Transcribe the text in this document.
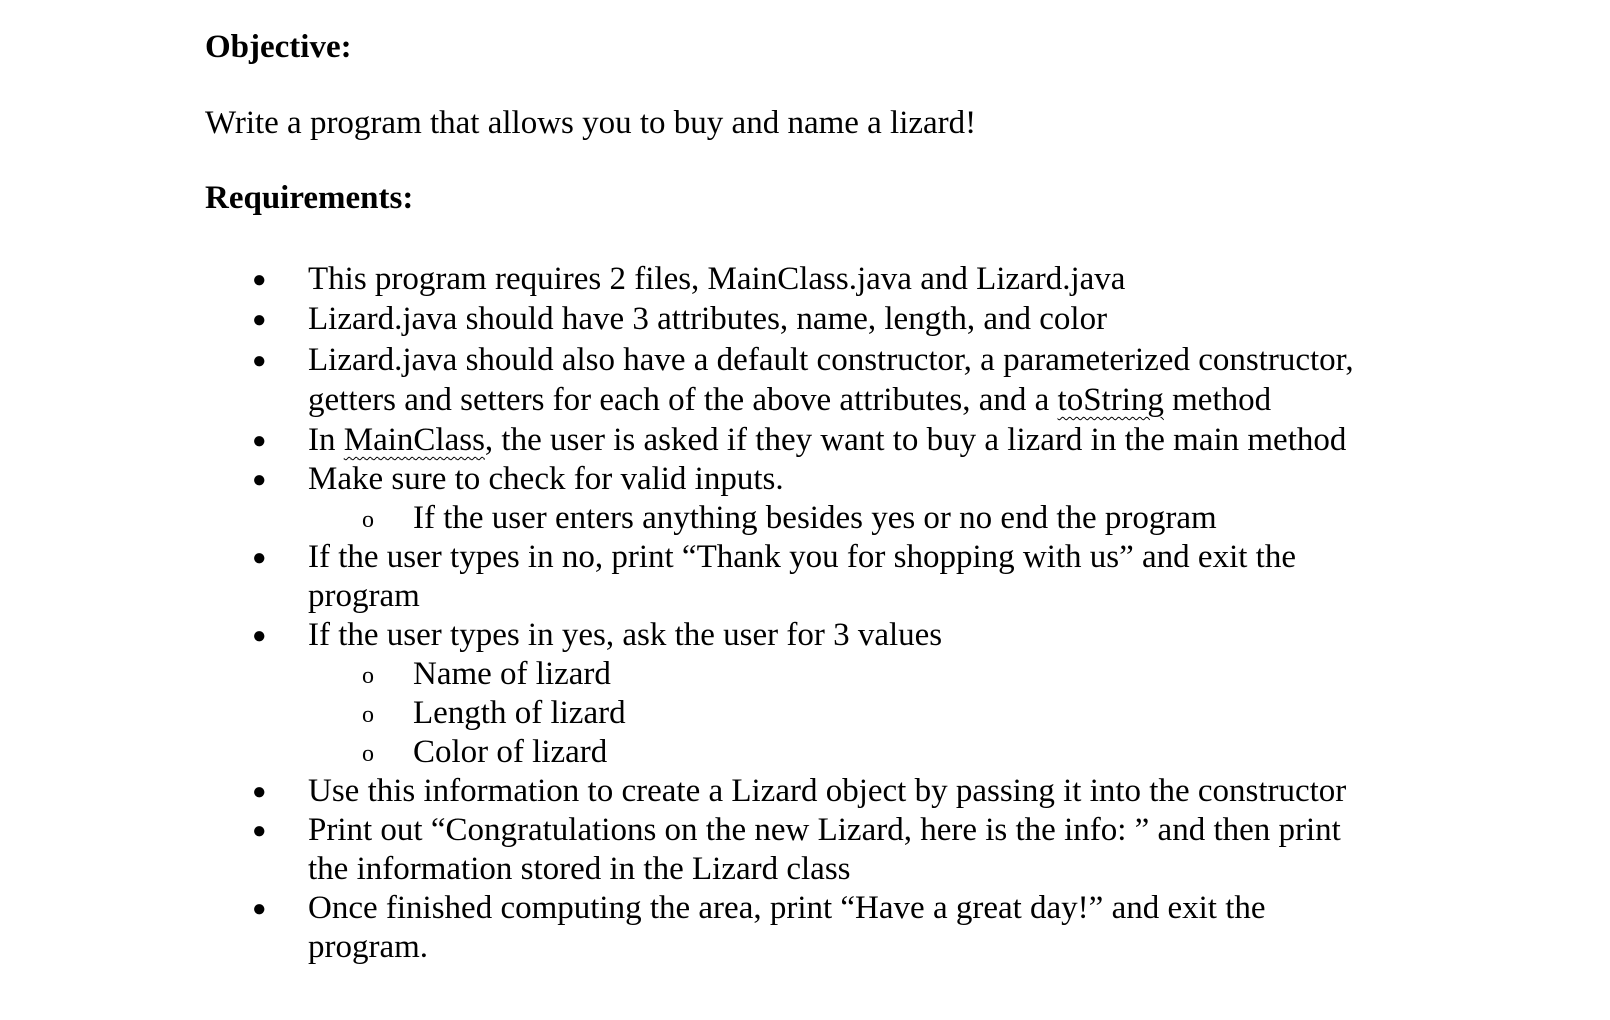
Objective:
Write a program that allows you to buy and name a lizard!
Requirements:
● This program requires 2 files, MainClass.java and Lizard.java
● Lizard.java should have 3 attributes, name, length, and color
● Lizard.java should also have a default constructor, a parameterized constructor,
getters and setters for each of the above attributes, and a toString method
● In MainClass, the user is asked if they want to buy a lizard in the main method
● Make sure to check for valid inputs.
o If the user enters anything besides yes or no end the program
● If the user types in no, print “Thank you for shopping with us” and exit the
program
● If the user types in yes, ask the user for 3 values
o Name of lizard
o Length of lizard
o Color of lizard
● Use this information to create a Lizard object by passing it into the constructor
● Print out “Congratulations on the new Lizard, here is the info: ” and then print
the information stored in the Lizard class
● Once finished computing the area, print “Have a great day!” and exit the
program.
